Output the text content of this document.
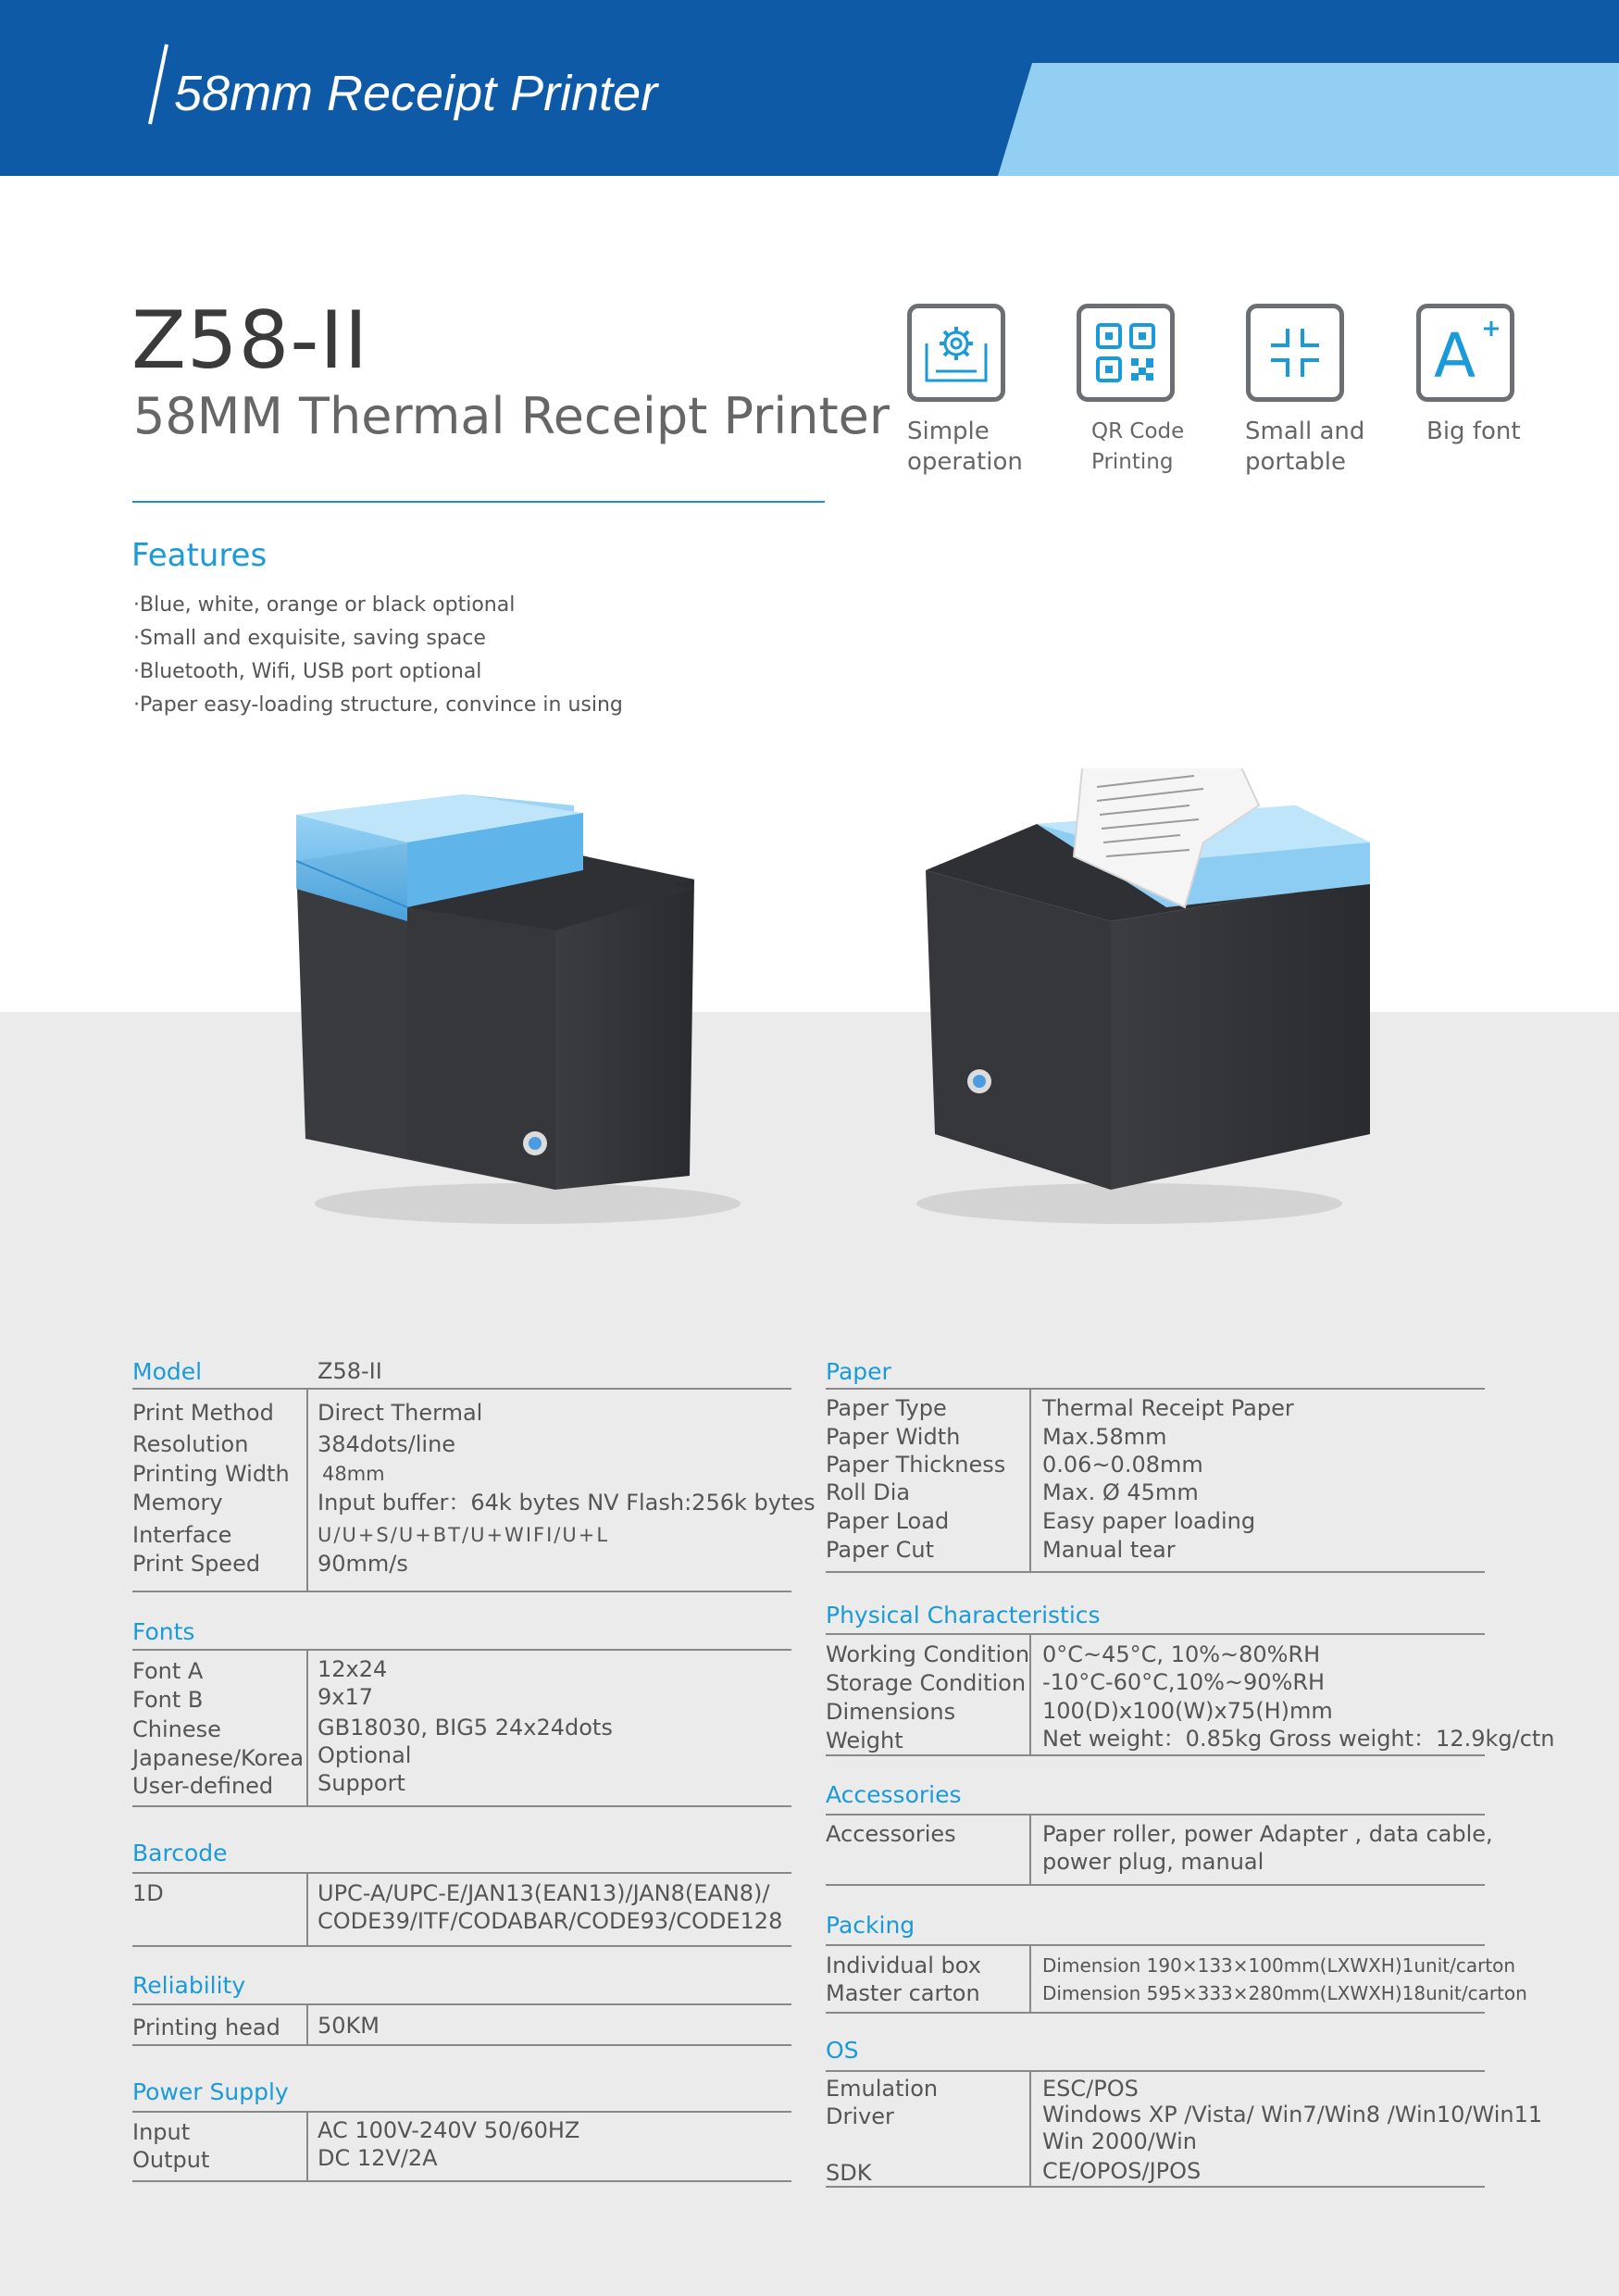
58mm Receipt Printer
Z58-II
58MM Thermal Receipt Printer
A
Simple
operation
QR Code
Printing
Small and
portable
Big font
Features
·Blue, white, orange or black optional
·Small and exquisite, saving space
·Bluetooth, Wifi, USB port optional
·Paper easy-loading structure, convince in using
Model	Z58-II
Print Method Direct Thermal
Resolution	384dots/line
Printing Width 48mm
Memory	Input buffer：64k bytes NV Flash:256k bytes
Interface	U/U+S/U+BT/U+WIFI/U+L
Print Speed	90mm/s
Fonts
Font A	12x24
Font B	9x17
Chinese	GB18030, BIG5 24x24dots
Japanese/Korea Optional
User-defined Support
Barcode
1D	UPC-A/UPC-E/JAN13(EAN13)/JAN8(EAN8)/
CODE39/ITF/CODABAR/CODE93/CODE128
Reliability
Printing head 50KM
Power Supply
Input	AC 100V-240V 50/60HZ
Output	DC 12V/2A
Paper
Paper Type	Thermal Receipt Paper
Paper Width	Max.58mm
Paper Thickness 0.06~0.08mm
Roll Dia	Max. Ø 45mm
Paper Load	Easy paper loading
Paper Cut	Manual tear
Physical Characteristics
Working Condition 0°C~45°C, 10%~80%RH
Storage Condition -10°C-60°C,10%~90%RH
Dimensions	100(D)x100(W)x75(H)mm
Weight	Net weight：0.85kg Gross weight：12.9kg/ctn
Accessories
Accessories	Paper roller, power Adapter , data cable,
power plug, manual
Packing
Individual box	Dimension 190×133×100mm(LXWXH)1unit/carton
Master carton	Dimension 595×333×280mm(LXWXH)18unit/carton
OS
Emulation	ESC/POS
Driver	Windows XP /Vista/ Win7/Win8 /Win10/Win11
Win 2000/Win
SDK	CE/OPOS/JPOS
